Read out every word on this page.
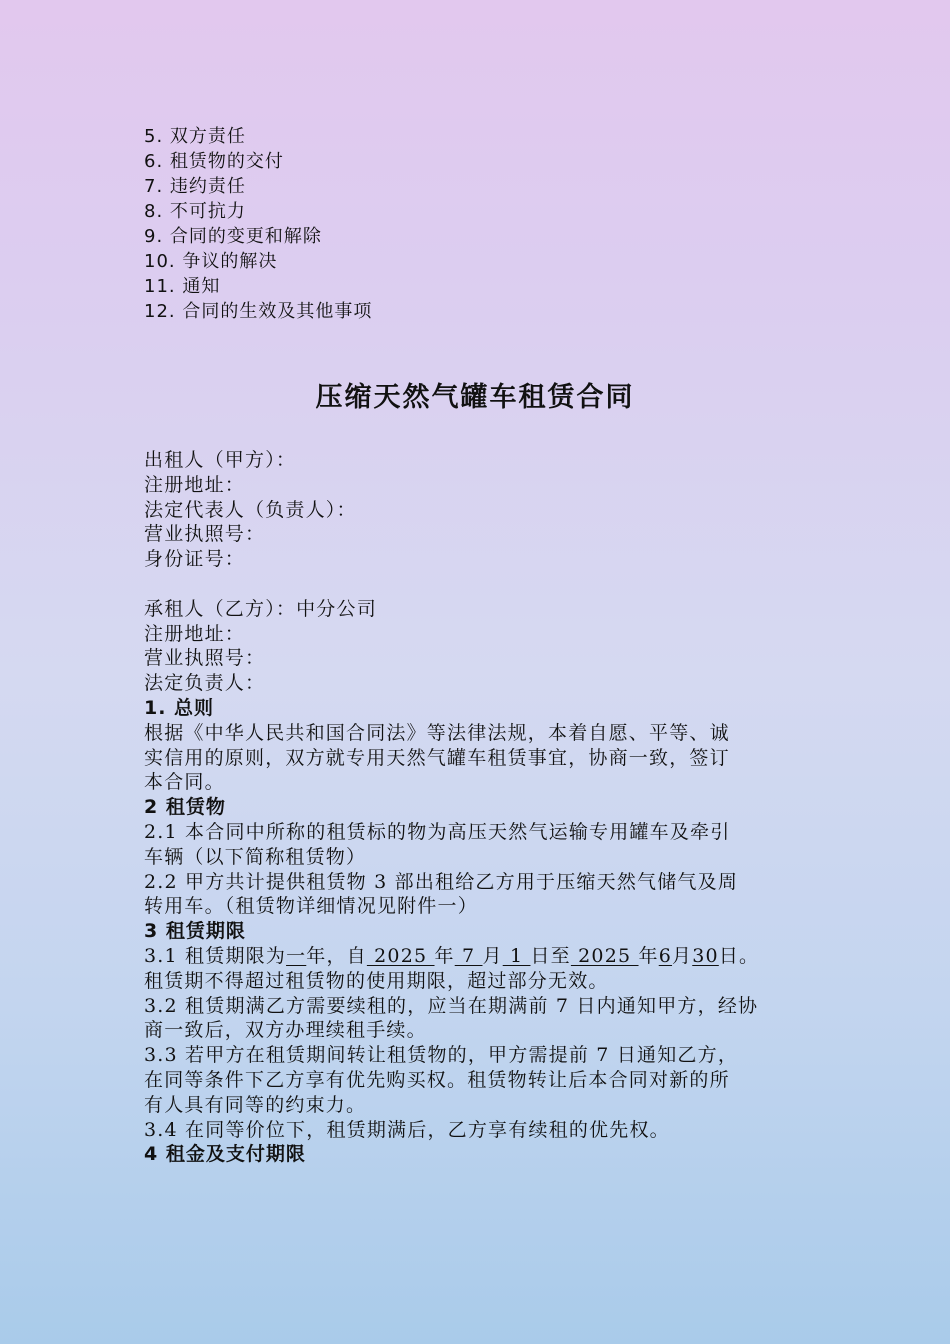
5. 双方责任
6. 租赁物的交付
7. 违约责任
8. 不可抗力
9. 合同的变更和解除
10. 争议的解决
11. 通知
12. 合同的生效及其他事项
压缩天然气罐车租赁合同
出租人（甲方）：
注册地址：
法定代表人（负责人）：
营业执照号：
身份证号：
承租人（乙方）：中分公司
注册地址：
营业执照号：
法定负责人：
1. 总则
根据《中华人民共和国合同法》等法律法规，本着自愿、平等、诚
实信用的原则，双方就专用天然气罐车租赁事宜，协商一致，签订
本合同。
2 租赁物
2.1 本合同中所称的租赁标的物为高压天然气运输专用罐车及牵引
车辆（以下简称租赁物）
2.2 甲方共计提供租赁物 3 部出租给乙方用于压缩天然气储气及周
转用车。（租赁物详细情况见附件一）
3 租赁期限
3.1 租赁期限为一年，自 2025 年 7 月 1 日至 2025 年6月30日。
租赁期不得超过租赁物的使用期限，超过部分无效。
3.2 租赁期满乙方需要续租的，应当在期满前 7 日内通知甲方，经协
商一致后，双方办理续租手续。
3.3 若甲方在租赁期间转让租赁物的，甲方需提前 7 日通知乙方，
在同等条件下乙方享有优先购买权。租赁物转让后本合同对新的所
有人具有同等的约束力。
3.4 在同等价位下，租赁期满后，乙方享有续租的优先权。
4 租金及支付期限
